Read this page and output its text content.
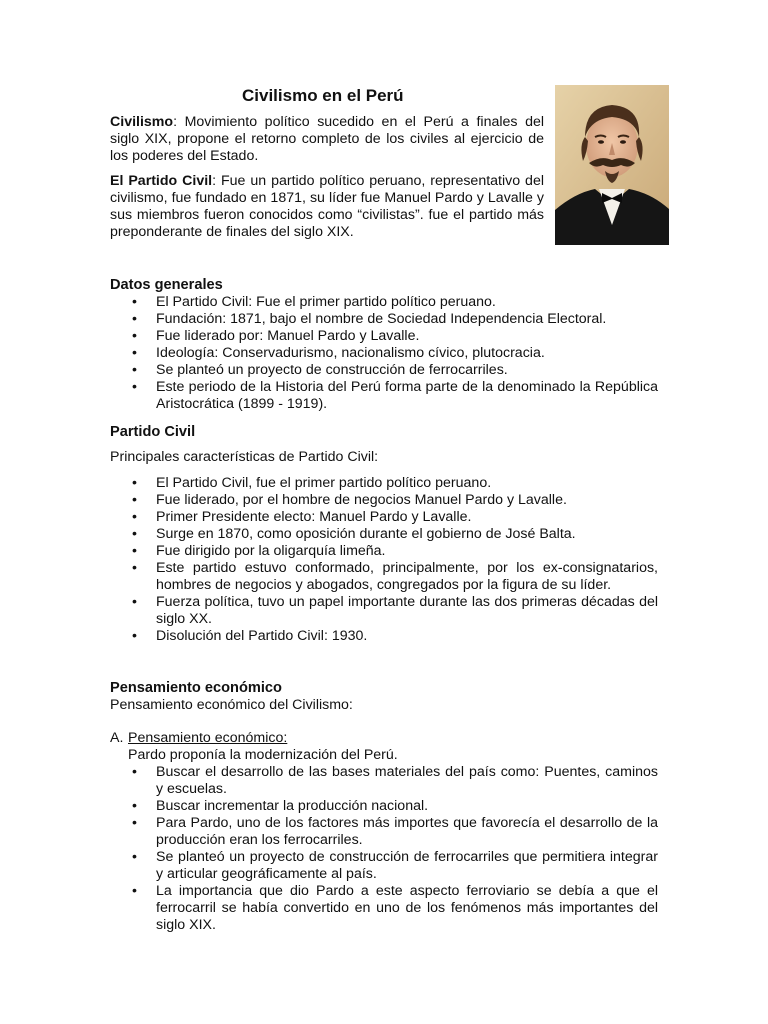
Civilismo en el Perú

Civilismo: Movimiento político sucedido en el Perú a finales del siglo XIX, propone el retorno completo de los civiles al ejercicio de los poderes del Estado.

El Partido Civil: Fue un partido político peruano, representativo del civilismo, fue fundado en 1871, su líder fue Manuel Pardo y Lavalle y sus miembros fueron conocidos como “civilistas”. fue el partido más preponderante de finales del siglo XIX.

Datos generales
• El Partido Civil: Fue el primer partido político peruano.
• Fundación: 1871, bajo el nombre de Sociedad Independencia Electoral.
• Fue liderado por: Manuel Pardo y Lavalle.
• Ideología: Conservadurismo, nacionalismo cívico, plutocracia.
• Se planteó un proyecto de construcción de ferrocarriles.
• Este periodo de la Historia del Perú forma parte de la denominado la República Aristocrática (1899 - 1919).
Partido Civil

Principales características de Partido Civil:

• El Partido Civil, fue el primer partido político peruano.
• Fue liderado, por el hombre de negocios Manuel Pardo y Lavalle.
• Primer Presidente electo: Manuel Pardo y Lavalle.
• Surge en 1870, como oposición durante el gobierno de José Balta.
• Fue dirigido por la oligarquía limeña.
• Este partido estuvo conformado, principalmente, por los ex-consignatarios, hombres de negocios y abogados, congregados por la figura de su líder.
• Fuerza política, tuvo un papel importante durante las dos primeras décadas del siglo XX.
• Disolución del Partido Civil: 1930.
Pensamiento económico
Pensamiento económico del Civilismo:
A. Pensamiento económico:
Pardo proponía la modernización del Perú.
• Buscar el desarrollo de las bases materiales del país como: Puentes, caminos y escuelas.
• Buscar incrementar la producción nacional.
• Para Pardo, uno de los factores más importes que favorecía el desarrollo de la producción eran los ferrocarriles.
• Se planteó un proyecto de construcción de ferrocarriles que permitiera integrar y articular geográficamente al país.
• La importancia que dio Pardo a este aspecto ferroviario se debía a que el ferrocarril se había convertido en uno de los fenómenos más importantes del siglo XIX.
